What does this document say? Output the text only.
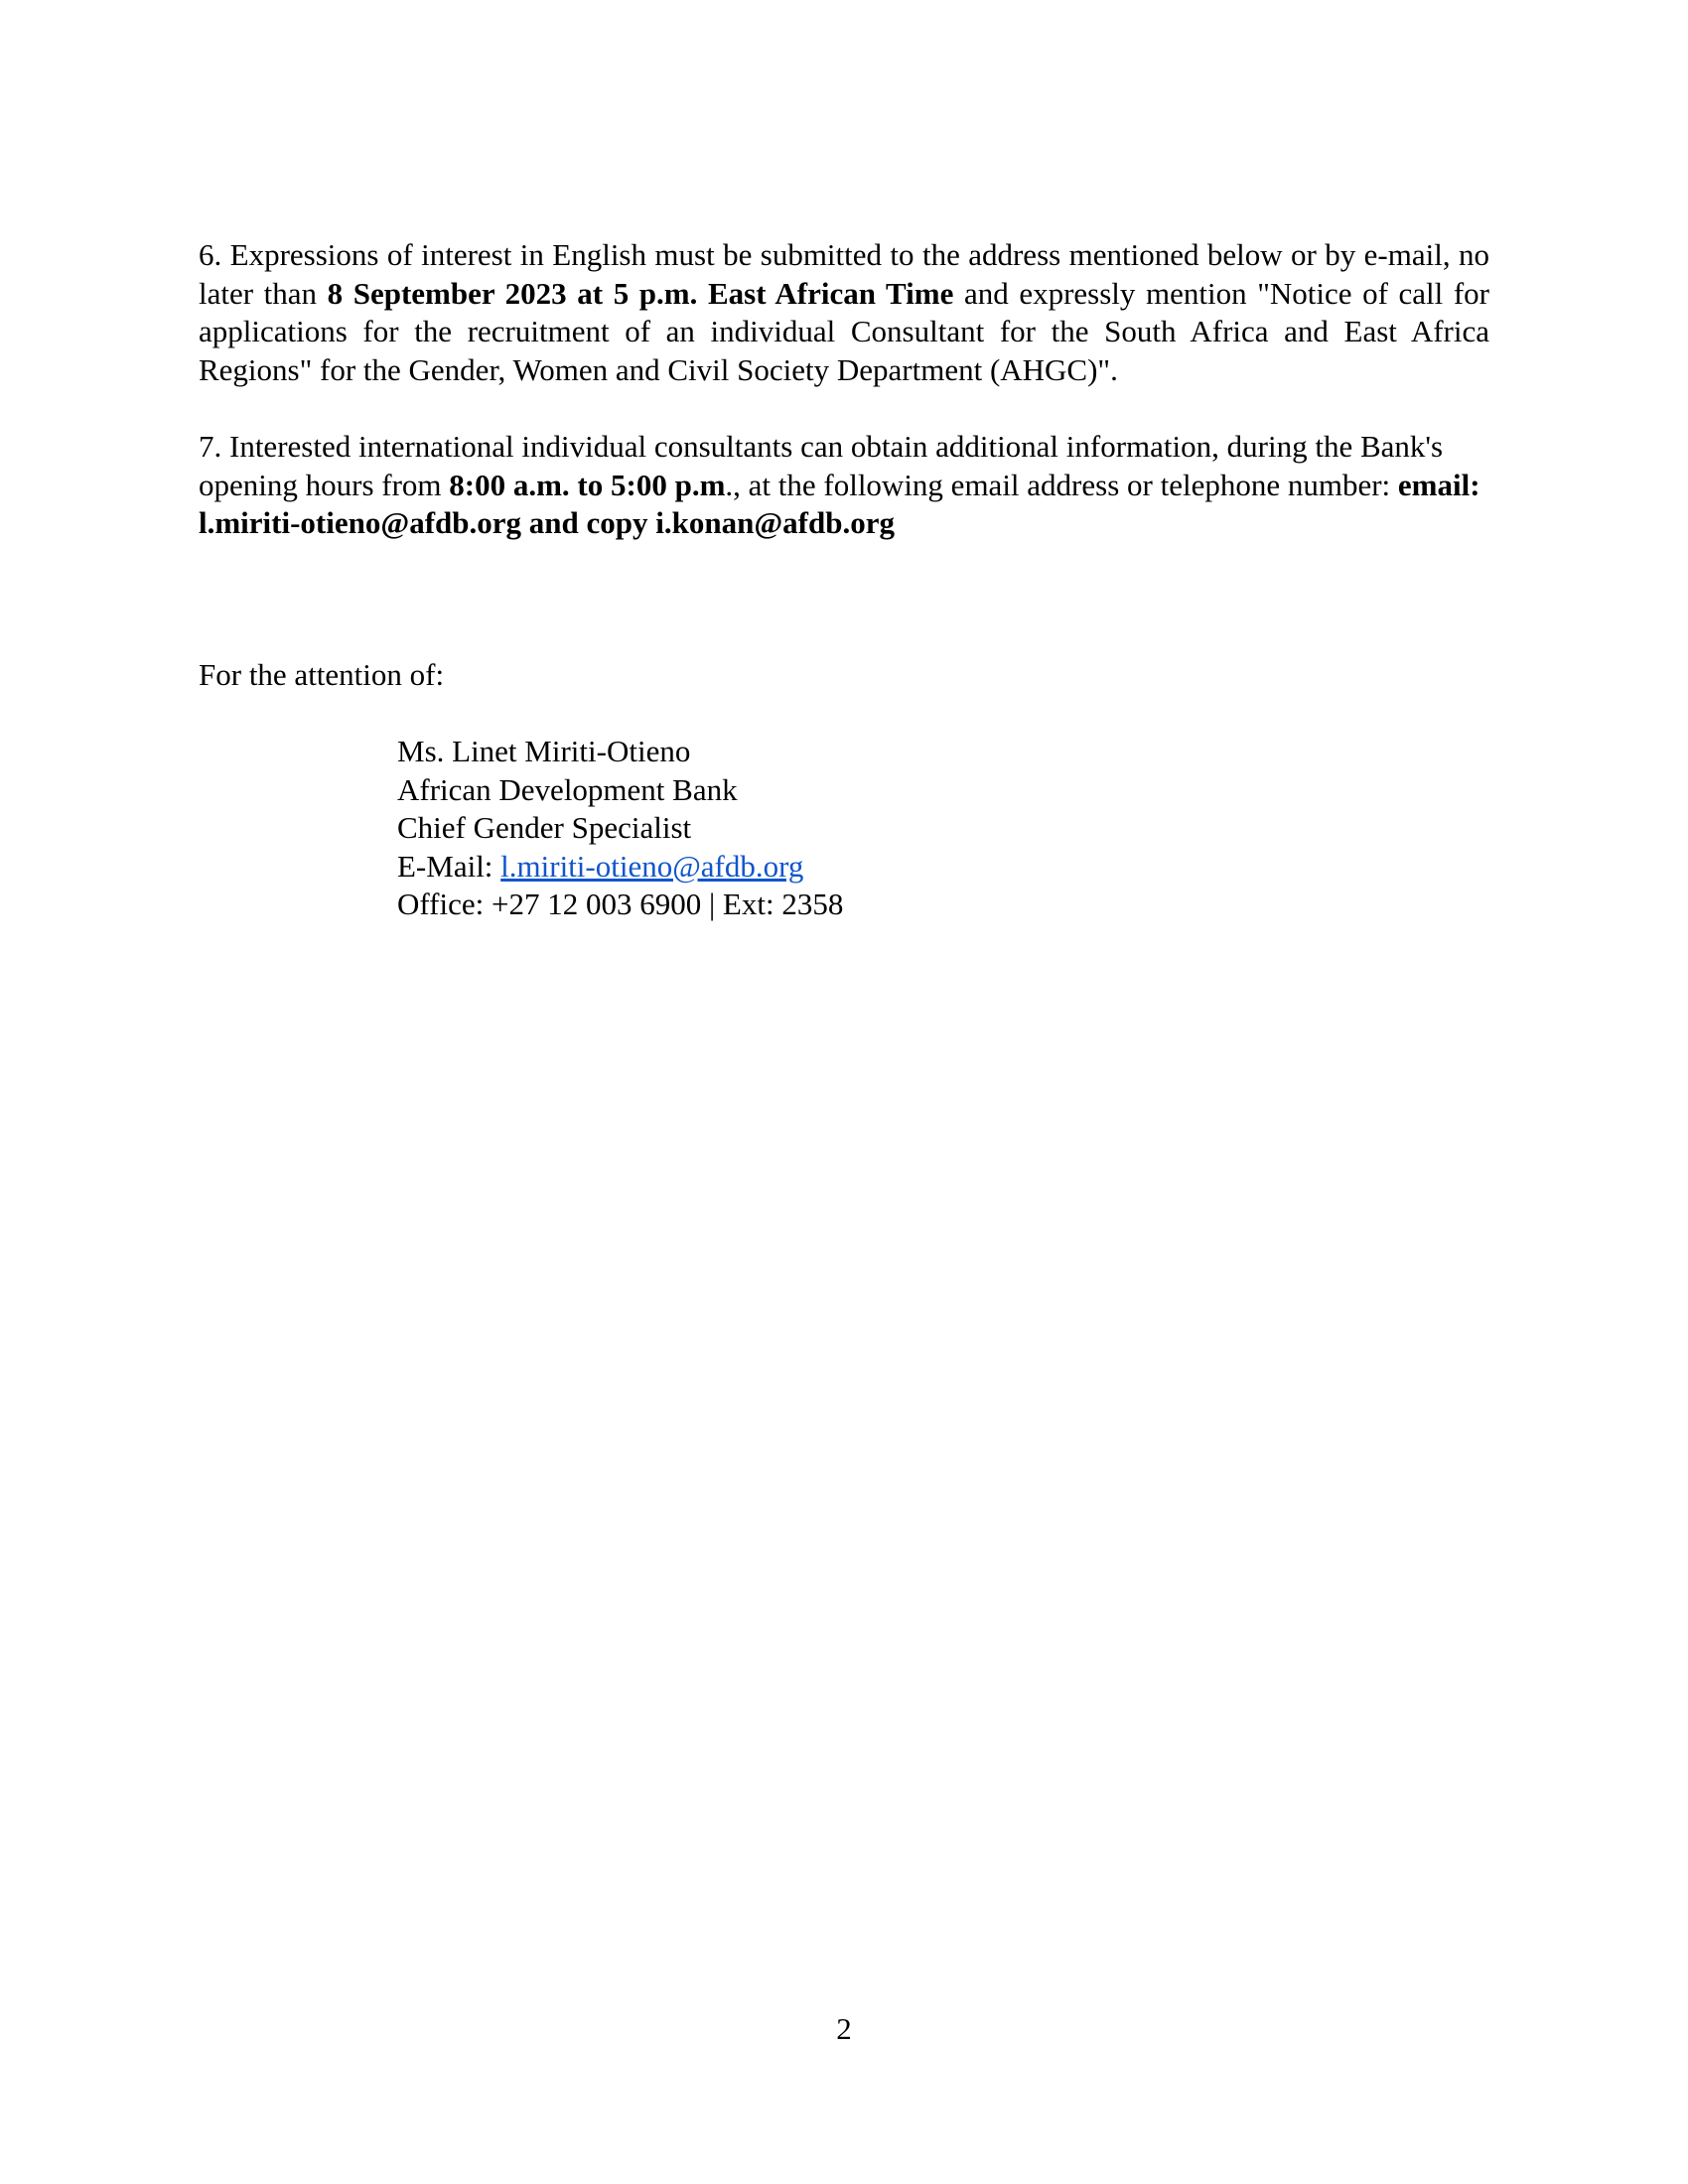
6. Expressions of interest in English must be submitted to the address mentioned below or by e-mail, no later than 8 September 2023 at 5 p.m. East African Time and expressly mention "Notice of call for applications for the recruitment of an individual Consultant for the South Africa and East Africa Regions" for the Gender, Women and Civil Society Department (AHGC)".

7. Interested international individual consultants can obtain additional information, during the Bank's opening hours from 8:00 a.m. to 5:00 p.m., at the following email address or telephone number: email: l.miriti-otieno@afdb.org and copy i.konan@afdb.org

For the attention of:
Ms. Linet Miriti-Otieno
African Development Bank
Chief Gender Specialist
E-Mail: l.miriti-otieno@afdb.org
Office: +27 12 003 6900 | Ext: 2358
2
